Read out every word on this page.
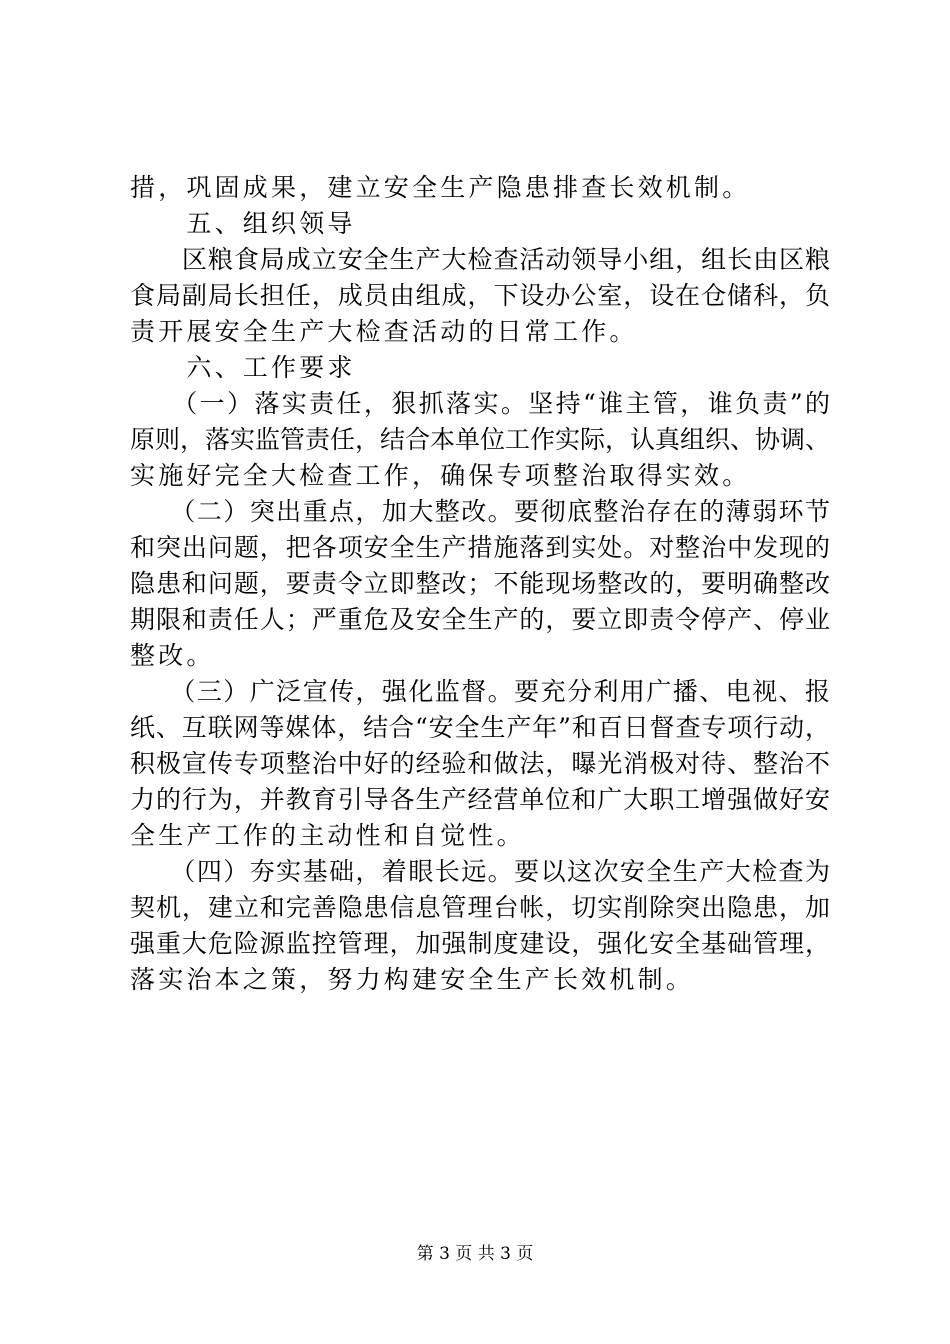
措，巩固成果，建立安全生产隐患排查长效机制。
　　五、组织领导
　　区粮食局成立安全生产大检查活动领导小组，组长由区粮
食局副局长担任，成员由组成，下设办公室，设在仓储科，负
责开展安全生产大检查活动的日常工作。
　　六、工作要求
　　（一）落实责任，狠抓落实。坚持“谁主管，谁负责”的
原则，落实监管责任，结合本单位工作实际，认真组织、协调、
实施好完全大检查工作，确保专项整治取得实效。
　　（二）突出重点，加大整改。要彻底整治存在的薄弱环节
和突出问题，把各项安全生产措施落到实处。对整治中发现的
隐患和问题，要责令立即整改；不能现场整改的，要明确整改
期限和责任人；严重危及安全生产的，要立即责令停产、停业
整改。
　　（三）广泛宣传，强化监督。要充分利用广播、电视、报
纸、互联网等媒体，结合“安全生产年”和百日督查专项行动，
积极宣传专项整治中好的经验和做法，曝光消极对待、整治不
力的行为，并教育引导各生产经营单位和广大职工增强做好安
全生产工作的主动性和自觉性。
　　（四）夯实基础，着眼长远。要以这次安全生产大检查为
契机，建立和完善隐患信息管理台帐，切实削除突出隐患，加
强重大危险源监控管理，加强制度建设，强化安全基础管理，
落实治本之策，努力构建安全生产长效机制。
第 3 页 共 3 页
